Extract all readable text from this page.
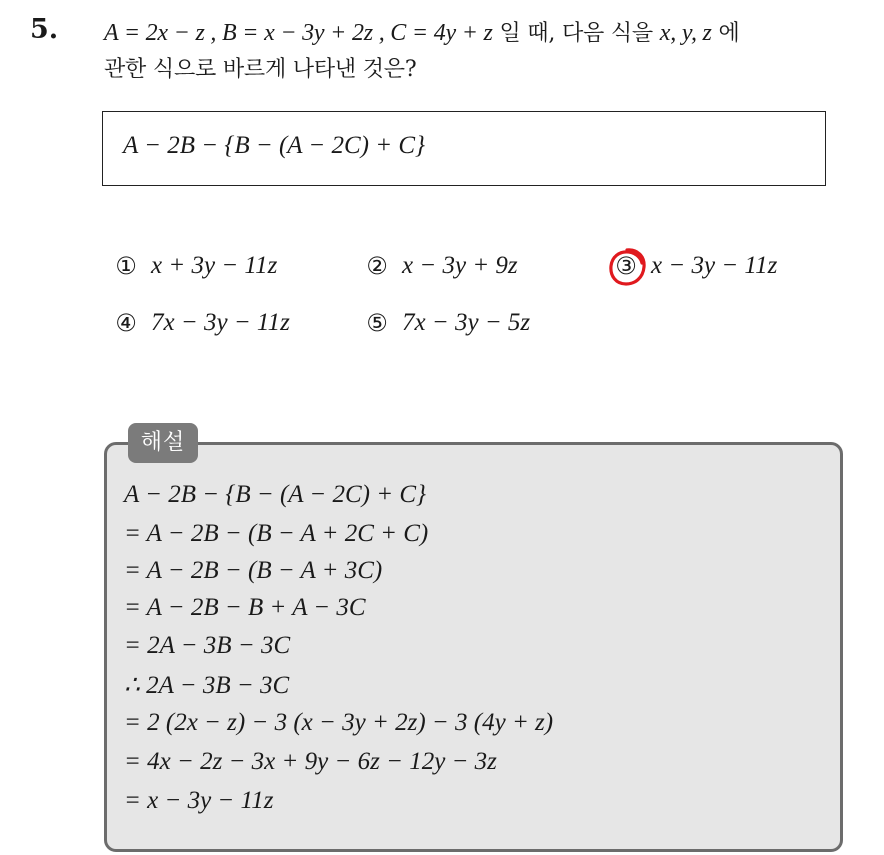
5. A = 2x − z , B = x − 3y + 2z , C = 4y + z 일 때, 다음 식을 x, y, z 에
관한 식으로 바르게 나타낸 것은?
A − 2B − {B − (A − 2C) + C}
① x + 3y − 11z	② x − 3y + 9z	③ x − 3y − 11z
④ 7x − 3y − 11z	⑤ 7x − 3y − 5z
해설
A − 2B − {B − (A − 2C) + C}
= A − 2B − (B − A + 2C + C)
= A − 2B − (B − A + 3C)
= A − 2B − B + A − 3C
= 2A − 3B − 3C
∴ 2A − 3B − 3C
= 2 (2x − z) − 3 (x − 3y + 2z) − 3 (4y + z)
= 4x − 2z − 3x + 9y − 6z − 12y − 3z
= x − 3y − 11z
